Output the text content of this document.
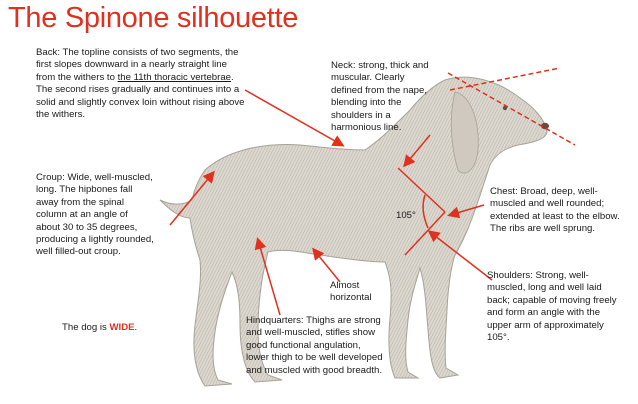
The Spinone silhouette
Back: The topline consists of two segments, the first slopes downward in a nearly straight line from the withers to the 11th thoracic vertebrae. The second rises gradually and continues into a solid and slightly convex loin without rising above the withers.
Neck: strong, thick and muscular. Clearly defined from the nape, blending into the shoulders in a harmonious line.
Croup: Wide, well-muscled, long. The hipbones fall away from the spinal column at an angle of about 30 to 35 degrees, producing a lightly rounded, well filled-out croup.
Chest: Broad, deep, well-muscled and well rounded; extended at least to the elbow. The ribs are well sprung.
105°
Almost horizontal
Shoulders: Strong, well-muscled, long and well laid back; capable of moving freely and form an angle with the upper arm of approximately 105°.
Hindquarters: Thighs are strong and well-muscled, stifles show good functional angulation, lower thigh to be well developed and muscled with good breadth.
The dog is WIDE.
